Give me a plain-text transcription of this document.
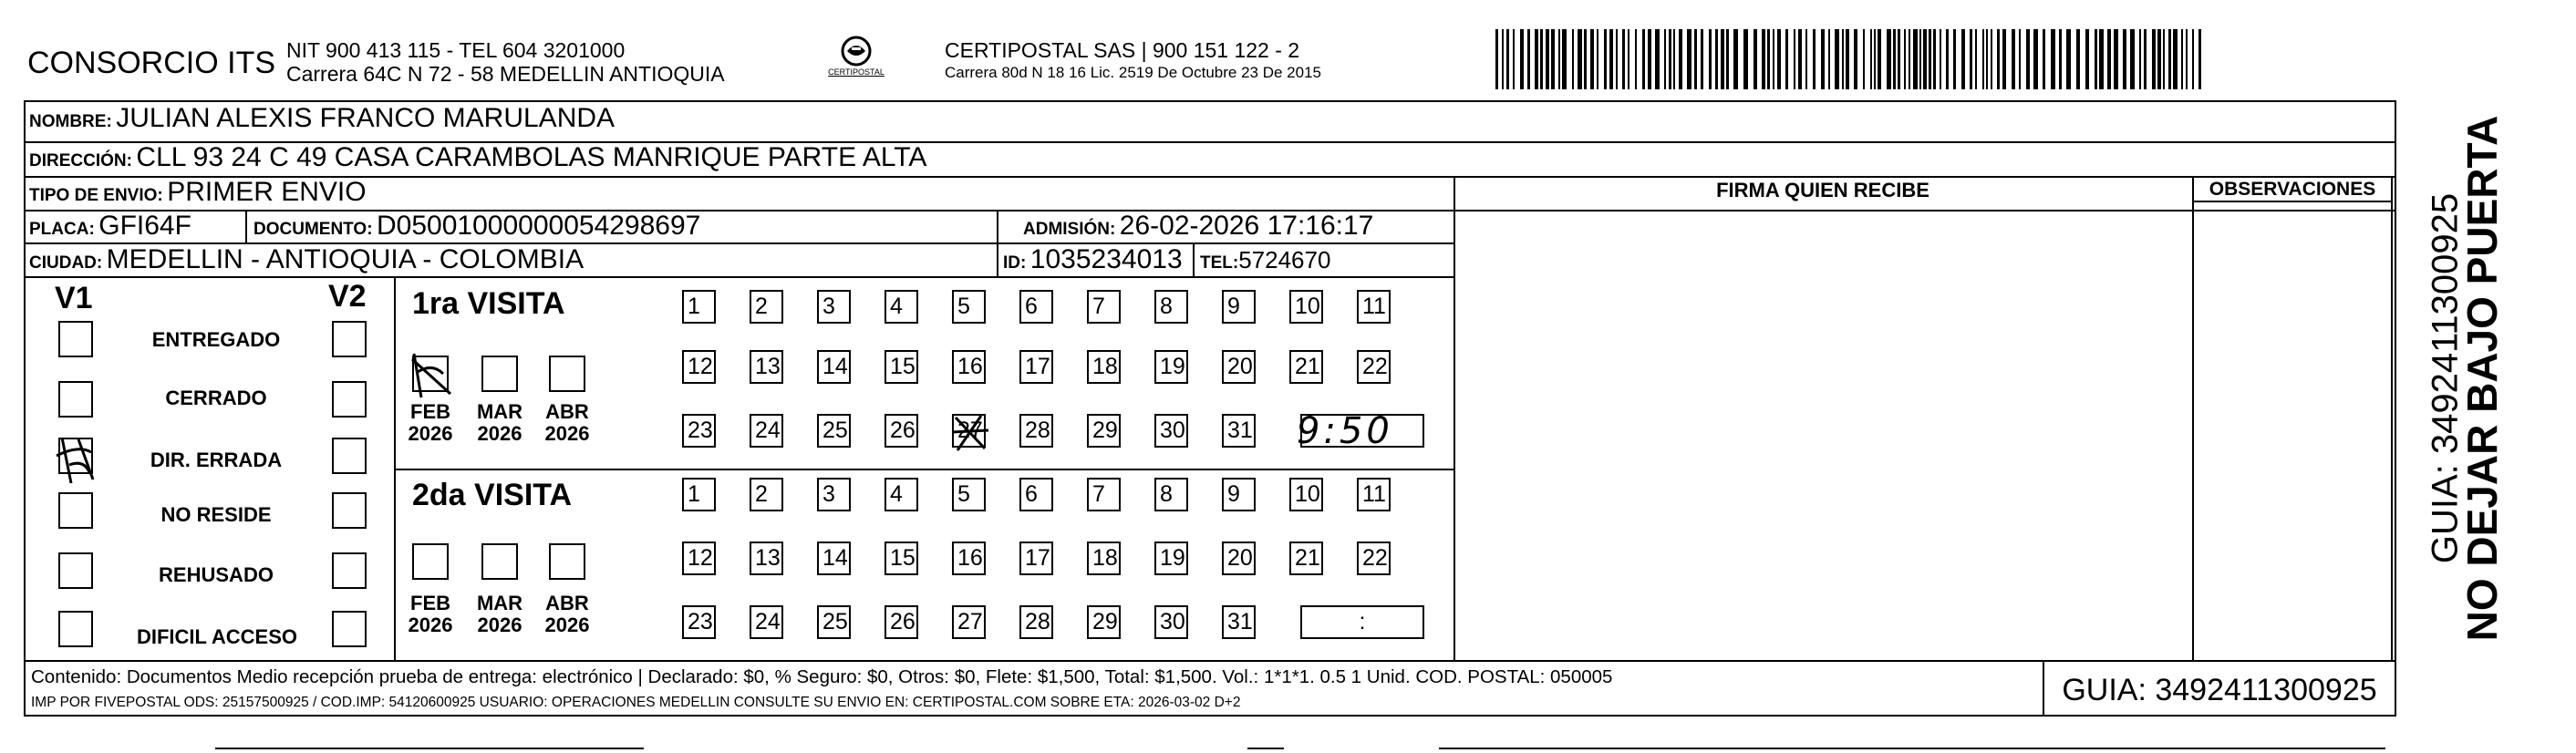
CONSORCIO ITS NIT 900 413 115 - TEL 604 3201000
Carrera 64C N 72 - 58 MEDELLIN ANTIOQUIA	CERTIPOSTAL
CERTIPOSTAL SAS | 900 151 122 - 2
Carrera 80d N 18 16 Lic. 2519 De Octubre 23 De 2015
NOMBRE: JULIAN ALEXIS FRANCO MARULANDA
DIRECCIÓN: CLL 93 24 C 49 CASA CARAMBOLAS MANRIQUE PARTE ALTA
TIPO DE ENVIO: PRIMER ENVIO
PLACA: GFI64F	DOCUMENTO: D05001000000054298697	ADMISIÓN: 26-02-2026 17:16:17
CIUDAD: MEDELLIN - ANTIOQUIA - COLOMBIA	ID: 1035234013 TEL:5724670
FIRMA QUIEN RECIBE	OBSERVACIONES
V1	V2
ENTREGADO
CERRADO
DIR. ERRADA
NO RESIDE
REHUSADO
DIFICIL ACCESO
1ra VISITA
FEB
2026
MAR
2026
ABR
2026
2da VISITA
FEB
2026
MAR
2026
ABR
2026
1	2	3	4	5	6	7	8	9	10 11
12 13 14 15 16 17 18 19 20 21 22
23 24 25 26 27 28 29 30 31
1	2	3	4	5	6	7	8	9	10 11
12 13 14 15 16 17 18 19 20 21 22
23 24 25 26 27 28 29 30 31	:
9:50
Contenido: Documentos Medio recepción prueba de entrega: electrónico | Declarado: $0, % Seguro: $0, Otros: $0, Flete: $1,500, Total: $1,500. Vol.: 1*1*1. 0.5 1 Unid. COD. POSTAL: 050005
IMP POR FIVEPOSTAL ODS: 25157500925 / COD.IMP: 54120600925 USUARIO: OPERACIONES MEDELLIN CONSULTE SU ENVIO EN: CERTIPOSTAL.COM SOBRE ETA: 2026-03-02 D+2	GUIA: 3492411300925
NO DEJAR BAJO PUERTA
GUIA: 3492411300925
